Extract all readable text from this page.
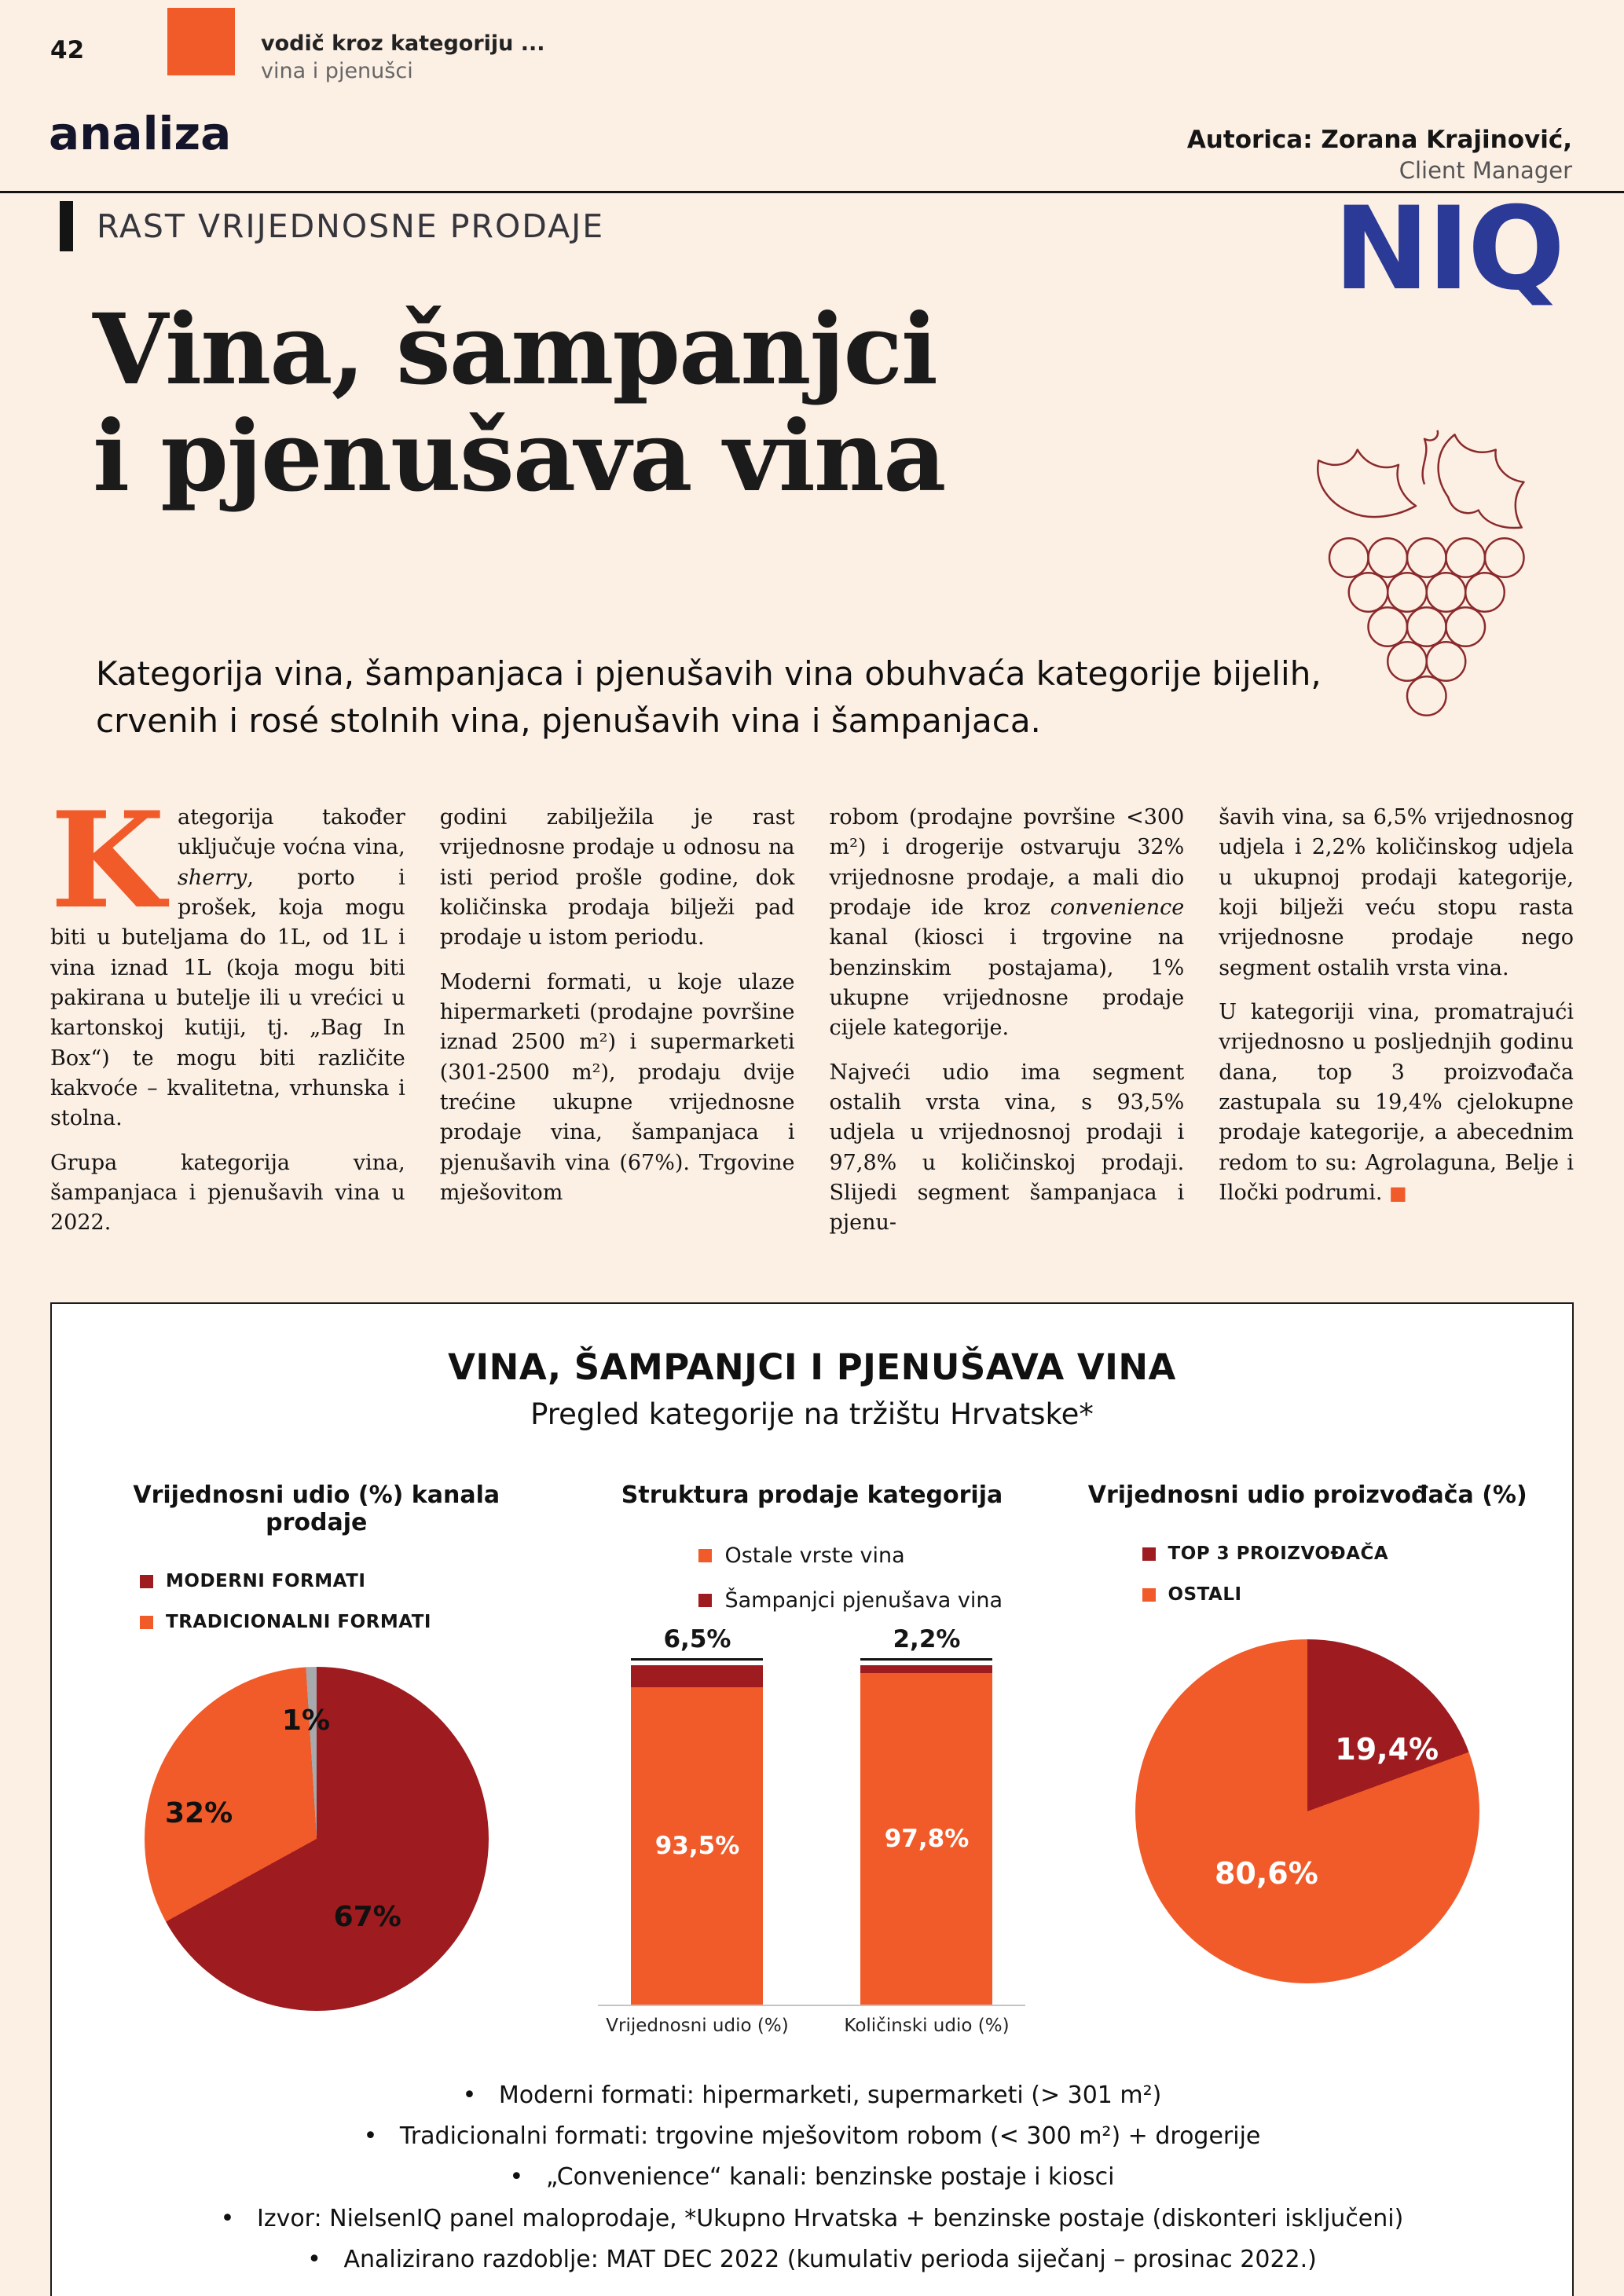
42	vodič kroz kategoriju ...
vina i pjenušci
analiza	Autorica: Zorana Krajinović,
Client Manager
RAST VRIJEDNOSNE PRODAJE	NIQ
Vina, šampanjci
i pjenušava vina

Kategorija vina, šampanjaca i pjenušavih vina obuhvaća kategorije bijelih, crvenih i rosé stolnih vina, pjenušavih vina i šampanjaca.

Kategorija također uključuje voćna vina, sherry, porto i prošek, koja mogu biti u buteljama do 1L, od 1L i vina iznad 1L (koja mogu biti pakirana u butelje ili u vrećici u kartonskoj kutiji, tj. „Bag In Box“) te mogu biti različite kakvoće – kvalitetna, vrhunska i stolna.

Grupa kategorija vina, šampanjaca i pjenušavih vina u 2022.

godini zabilježila je rast vrijednosne prodaje u odnosu na isti period prošle godine, dok količinska prodaja bilježi pad prodaje u istom periodu.

Moderni formati, u koje ulaze hipermarketi (prodajne površine iznad 2500 m²) i supermarketi (301-2500 m²), prodaju dvije trećine ukupne vrijednosne prodaje vina, šampanjaca i pjenušavih vina (67%). Trgovine mješovitom

robom (prodajne površine <300 m²) i drogerije ostvaruju 32% vrijednosne prodaje, a mali dio prodaje ide kroz convenience kanal (kiosci i trgovine na benzinskim postajama), 1% ukupne vrijednosne prodaje cijele kategorije.

Najveći udio ima segment ostalih vrsta vina, s 93,5% udjela u vrijednosnoj prodaji i 97,8% u količinskoj prodaji. Slijedi segment šampanjaca i pjenu-

šavih vina, sa 6,5% vrijednosnog udjela i 2,2% količinskog udjela u ukupnoj prodaji kategorije, koji bilježi veću stopu rasta vrijednosne prodaje nego segment ostalih vrsta vina.

U kategoriji vina, promatrajući vrijednosno u posljednjih godinu dana, top 3 proizvođača zastupala su 19,4% cjelokupne prodaje kategorije, a abecednim redom to su: Agrolaguna, Belje i Iločki podrumi. ■

VINA, ŠAMPANJCI I PJENUŠAVA VINA
Pregled kategorije na tržištu Hrvatske*
Vrijednosni udio (%) kanala prodaje
MODERNI FORMATI
TRADICIONALNI FORMATI
1%
32%
67%
Struktura prodaje kategorija
Ostale vrste vina
Šampanjci pjenušava vina
6,5%
93,5%
2,2%
97,8%
Vrijednosni udio (%)	Količinski udio (%)
Vrijednosni udio proizvođača (%)
TOP 3 PROIZVOĐAČA
OSTALI
19,4%
80,6%
• Moderni formati: hipermarketi, supermarketi (> 301 m²)
• Tradicionalni formati: trgovine mješovitom robom (< 300 m²) + drogerije
• „Convenience“ kanali: benzinske postaje i kiosci
• Izvor: NielsenIQ panel maloprodaje, *Ukupno Hrvatska + benzinske postaje (diskonteri isključeni)
• Analizirano razdoblje: MAT DEC 2022 (kumulativ perioda siječanj – prosinac 2022.)
